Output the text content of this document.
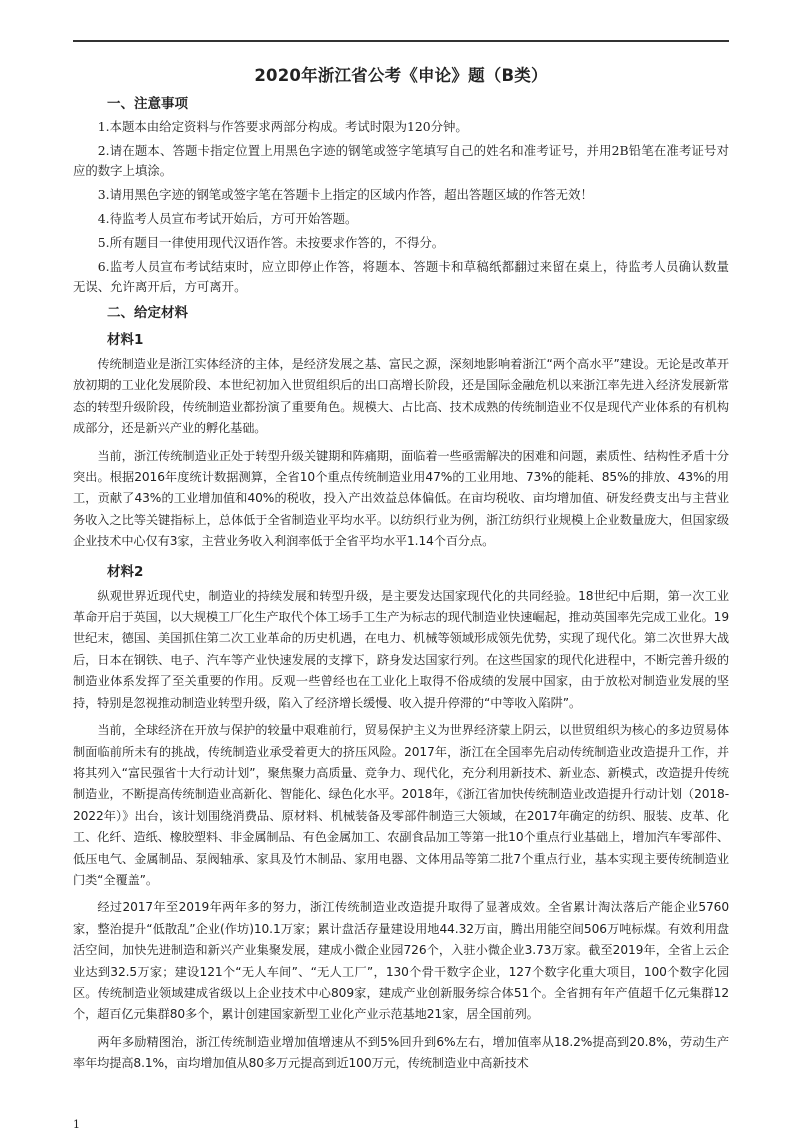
2020年浙江省公考《申论》题（B类）
一、注意事项
1.本题本由给定资料与作答要求两部分构成。考试时限为120分钟。
2.请在题本、答题卡指定位置上用黑色字迹的钢笔或签字笔填写自己的姓名和准考证号，并用2B铅笔在准考证号对应的数字上填涂。
3.请用黑色字迹的钢笔或签字笔在答题卡上指定的区域内作答，超出答题区域的作答无效！
4.待监考人员宣布考试开始后，方可开始答题。
5.所有题目一律使用现代汉语作答。未按要求作答的，不得分。
6.监考人员宣布考试结束时，应立即停止作答，将题本、答题卡和草稿纸都翻过来留在桌上，待监考人员确认数量无误、允许离开后，方可离开。
二、给定材料
材料1
传统制造业是浙江实体经济的主体，是经济发展之基、富民之源，深刻地影响着浙江“两个高水平”建设。无论是改革开放初期的工业化发展阶段、本世纪初加入世贸组织后的出口高增长阶段，还是国际金融危机以来浙江率先进入经济发展新常态的转型升级阶段，传统制造业都扮演了重要角色。规模大、占比高、技术成熟的传统制造业不仅是现代产业体系的有机构成部分，还是新兴产业的孵化基础。
当前，浙江传统制造业正处于转型升级关键期和阵痛期，面临着一些亟需解决的困难和问题，素质性、结构性矛盾十分突出。根据2016年度统计数据测算，全省10个重点传统制造业用47%的工业用地、73%的能耗、85%的排放、43%的用工，贡献了43%的工业增加值和40%的税收，投入产出效益总体偏低。在亩均税收、亩均增加值、研发经费支出与主营业务收入之比等关键指标上，总体低于全省制造业平均水平。以纺织行业为例，浙江纺织行业规模上企业数量庞大，但国家级企业技术中心仅有3家，主营业务收入利润率低于全省平均水平1.14个百分点。
材料2
纵观世界近现代史，制造业的持续发展和转型升级，是主要发达国家现代化的共同经验。18世纪中后期，第一次工业革命开启于英国，以大规模工厂化生产取代个体工场手工生产为标志的现代制造业快速崛起，推动英国率先完成工业化。19世纪末，德国、美国抓住第二次工业革命的历史机遇，在电力、机械等领域形成领先优势，实现了现代化。第二次世界大战后，日本在钢铁、电子、汽车等产业快速发展的支撑下，跻身发达国家行列。在这些国家的现代化进程中，不断完善升级的制造业体系发挥了至关重要的作用。反观一些曾经也在工业化上取得不俗成绩的发展中国家，由于放松对制造业发展的坚持，特别是忽视推动制造业转型升级，陷入了经济增长缓慢、收入提升停滞的“中等收入陷阱”。
当前，全球经济在开放与保护的较量中艰难前行，贸易保护主义为世界经济蒙上阴云，以世贸组织为核心的多边贸易体制面临前所未有的挑战，传统制造业承受着更大的挤压风险。2017年，浙江在全国率先启动传统制造业改造提升工作，并将其列入“富民强省十大行动计划”，聚焦聚力高质量、竞争力、现代化，充分利用新技术、新业态、新模式，改造提升传统制造业，不断提高传统制造业高新化、智能化、绿色化水平。2018年，《浙江省加快传统制造业改造提升行动计划（2018-2022年）》出台，该计划围绕消费品、原材料、机械装备及零部件制造三大领域，在2017年确定的纺织、服装、皮革、化工、化纤、造纸、橡胶塑料、非金属制品、有色金属加工、农副食品加工等第一批10个重点行业基础上，增加汽车零部件、低压电气、金属制品、泵阀轴承、家具及竹木制品、家用电器、文体用品等第二批7个重点行业，基本实现主要传统制造业门类“全覆盖”。
经过2017年至2019年两年多的努力，浙江传统制造业改造提升取得了显著成效。全省累计淘汰落后产能企业5760家，整治提升“低散乱”企业(作坊)10.1万家；累计盘活存量建设用地44.32万亩，腾出用能空间506万吨标煤。有效利用盘活空间，加快先进制造和新兴产业集聚发展，建成小微企业园726个，入驻小微企业3.73万家。截至2019年，全省上云企业达到32.5万家；建设121个“无人车间”、“无人工厂”，130个骨干数字企业，127个数字化重大项目，100个数字化园区。传统制造业领域建成省级以上企业技术中心809家，建成产业创新服务综合体51个。全省拥有年产值超千亿元集群12个，超百亿元集群80多个，累计创建国家新型工业化产业示范基地21家，居全国前列。
两年多励精图治，浙江传统制造业增加值增速从不到5%回升到6%左右，增加值率从18.2%提高到20.8%，劳动生产率年均提高8.1%，亩均增加值从80多万元提高到近100万元，传统制造业中高新技术
1
